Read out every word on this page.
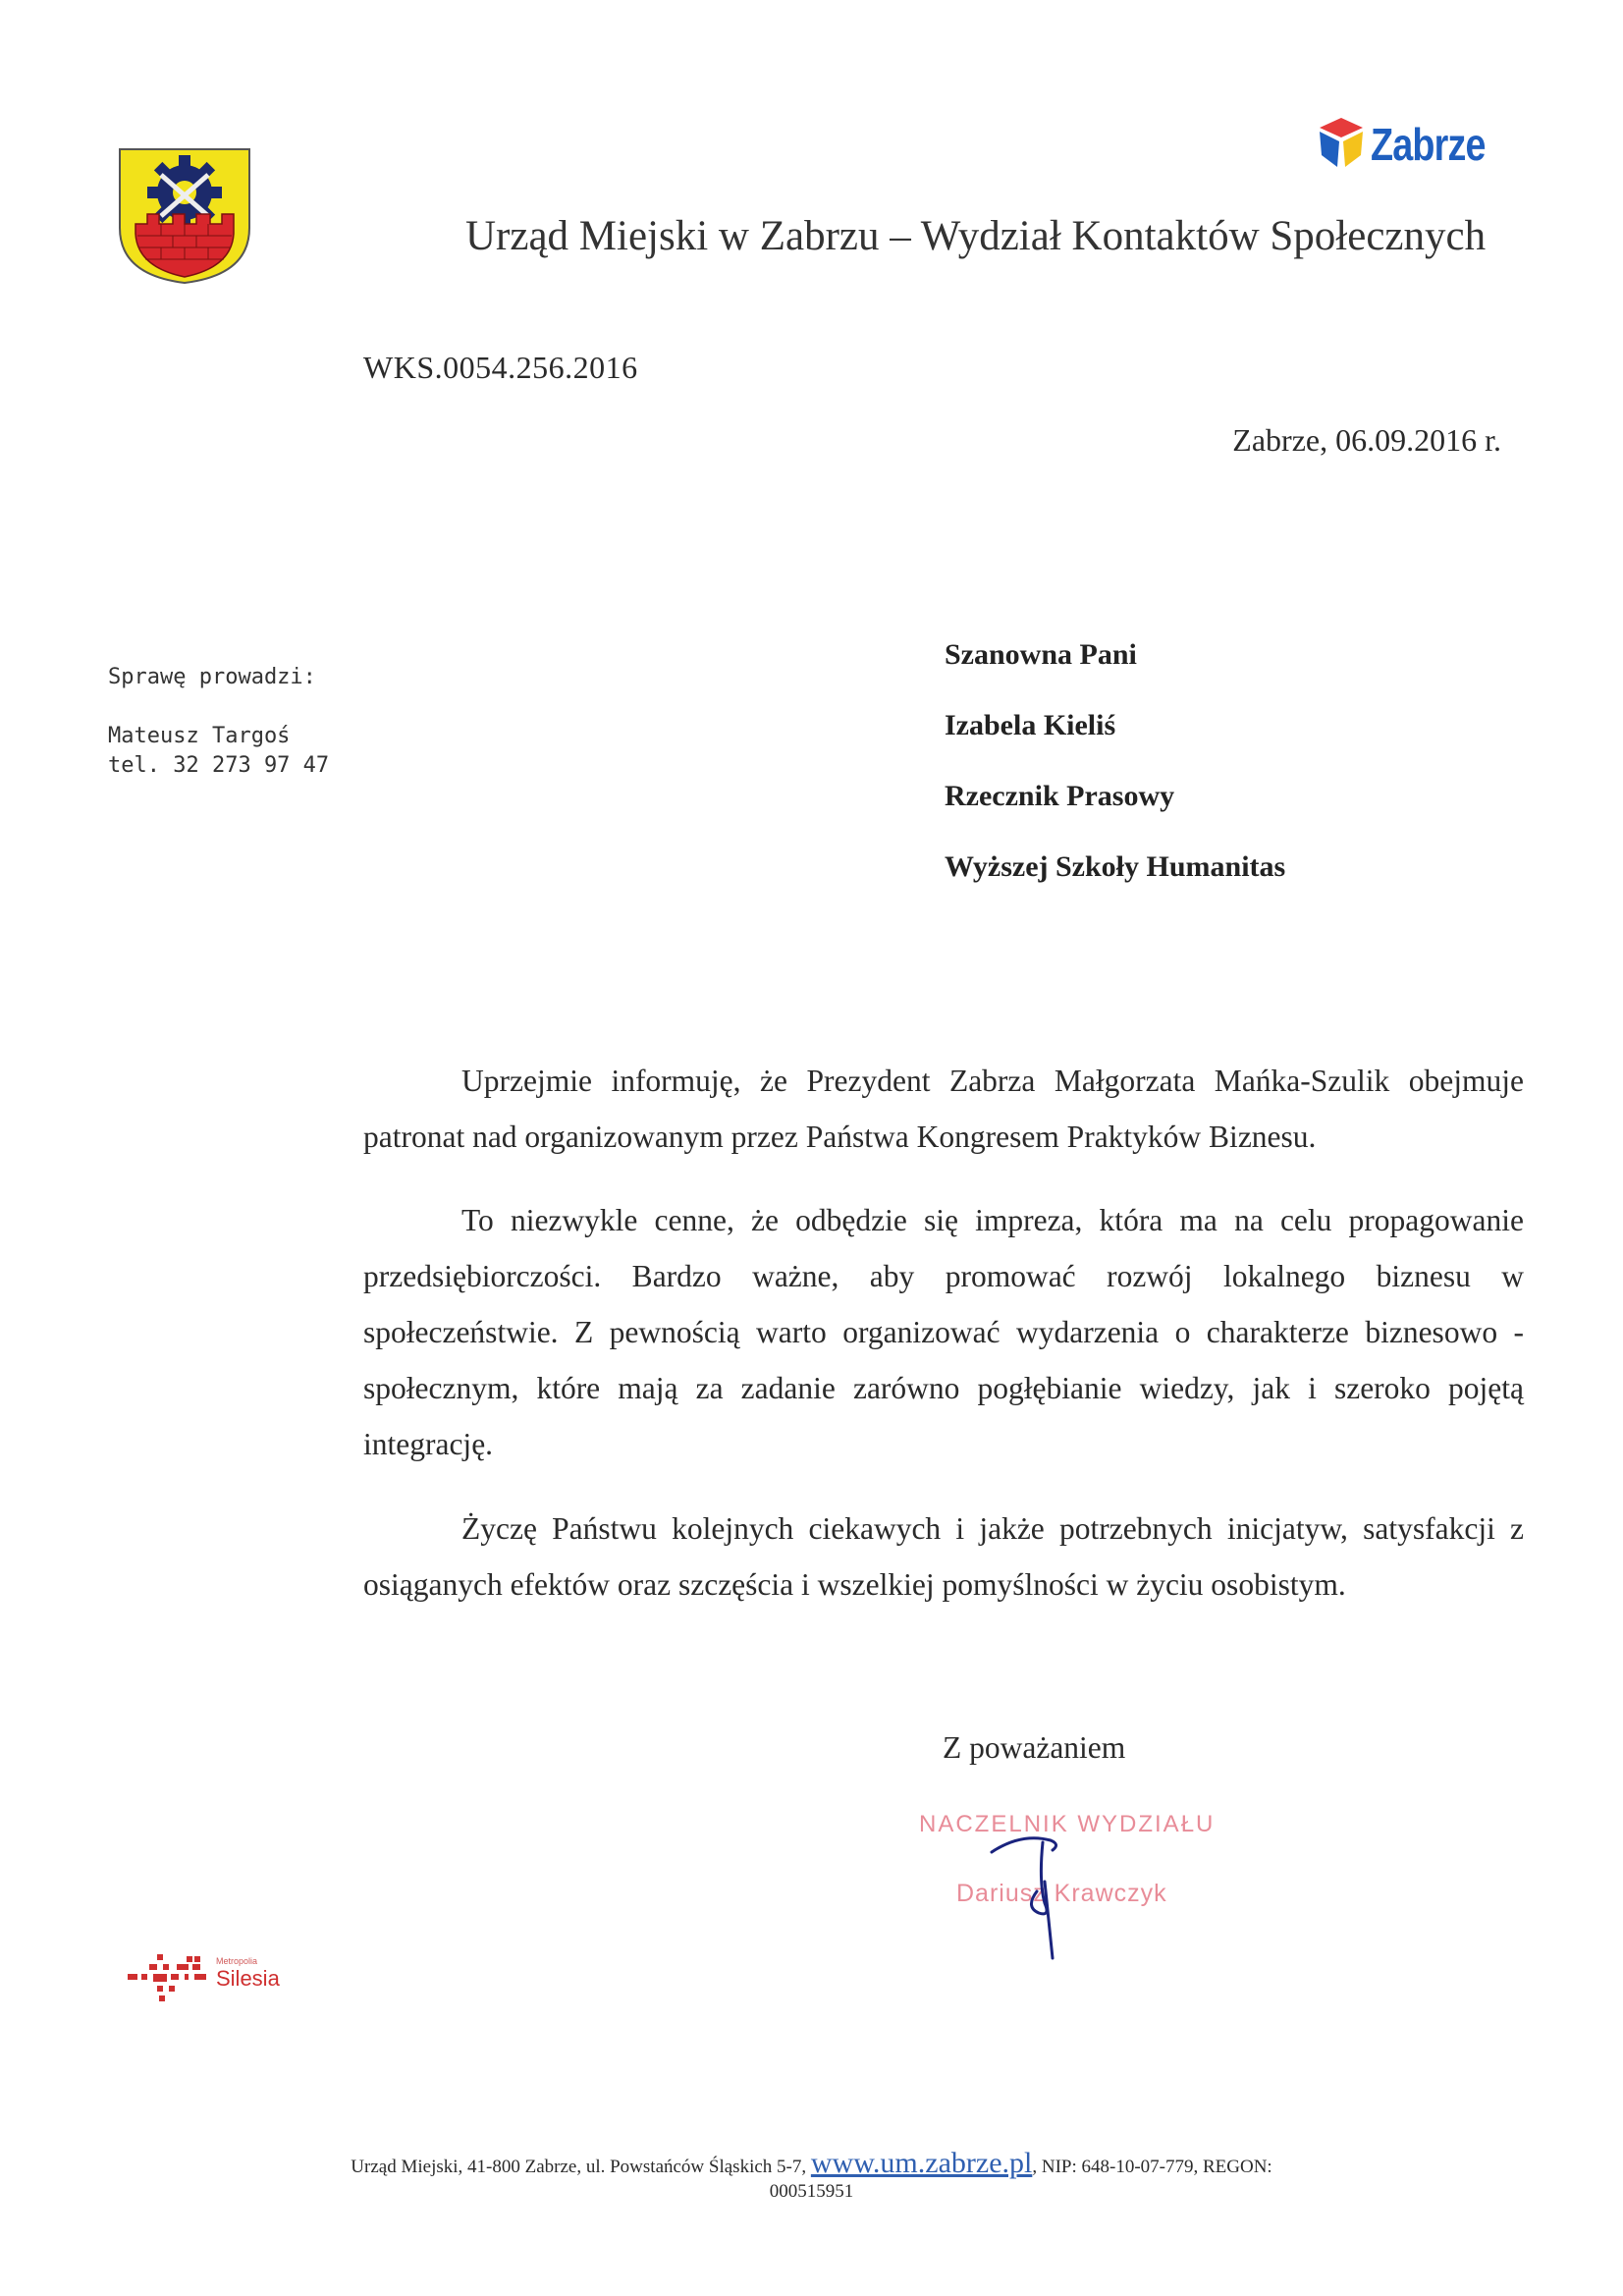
Zabrze
Urząd Miejski w Zabrzu – Wydział Kontaktów Społecznych
WKS.0054.256.2016
Zabrze, 06.09.2016 r.
Sprawę prowadzi:
Mateusz Targoś
tel. 32 273 97 47
Szanowna Pani
Izabela Kieliś
Rzecznik Prasowy
Wyższej Szkoły Humanitas

Uprzejmie informuję, że Prezydent Zabrza Małgorzata Mańka-Szulik obejmuje patronat nad organizowanym przez Państwa Kongresem Praktyków Biznesu.

To niezwykle cenne, że odbędzie się impreza, która ma na celu propagowanie przedsiębiorczości. Bardzo ważne, aby promować rozwój lokalnego biznesu w społeczeństwie. Z pewnością warto organizować wydarzenia o charakterze biznesowo - społecznym, które mają za zadanie zarówno pogłębianie wiedzy, jak i szeroko pojętą integrację.

Życzę Państwu kolejnych ciekawych i jakże potrzebnych inicjatyw, satysfakcji z osiąganych efektów oraz szczęścia i wszelkiej pomyślności w życiu osobistym.

Z poważaniem
NACZELNIK WYDZIAŁU
Dariusz Krawczyk
Metropolia
Silesia
Urząd Miejski, 41-800 Zabrze, ul. Powstańców Śląskich 5-7, www.um.zabrze.pl, NIP: 648-10-07-779, REGON:
000515951
